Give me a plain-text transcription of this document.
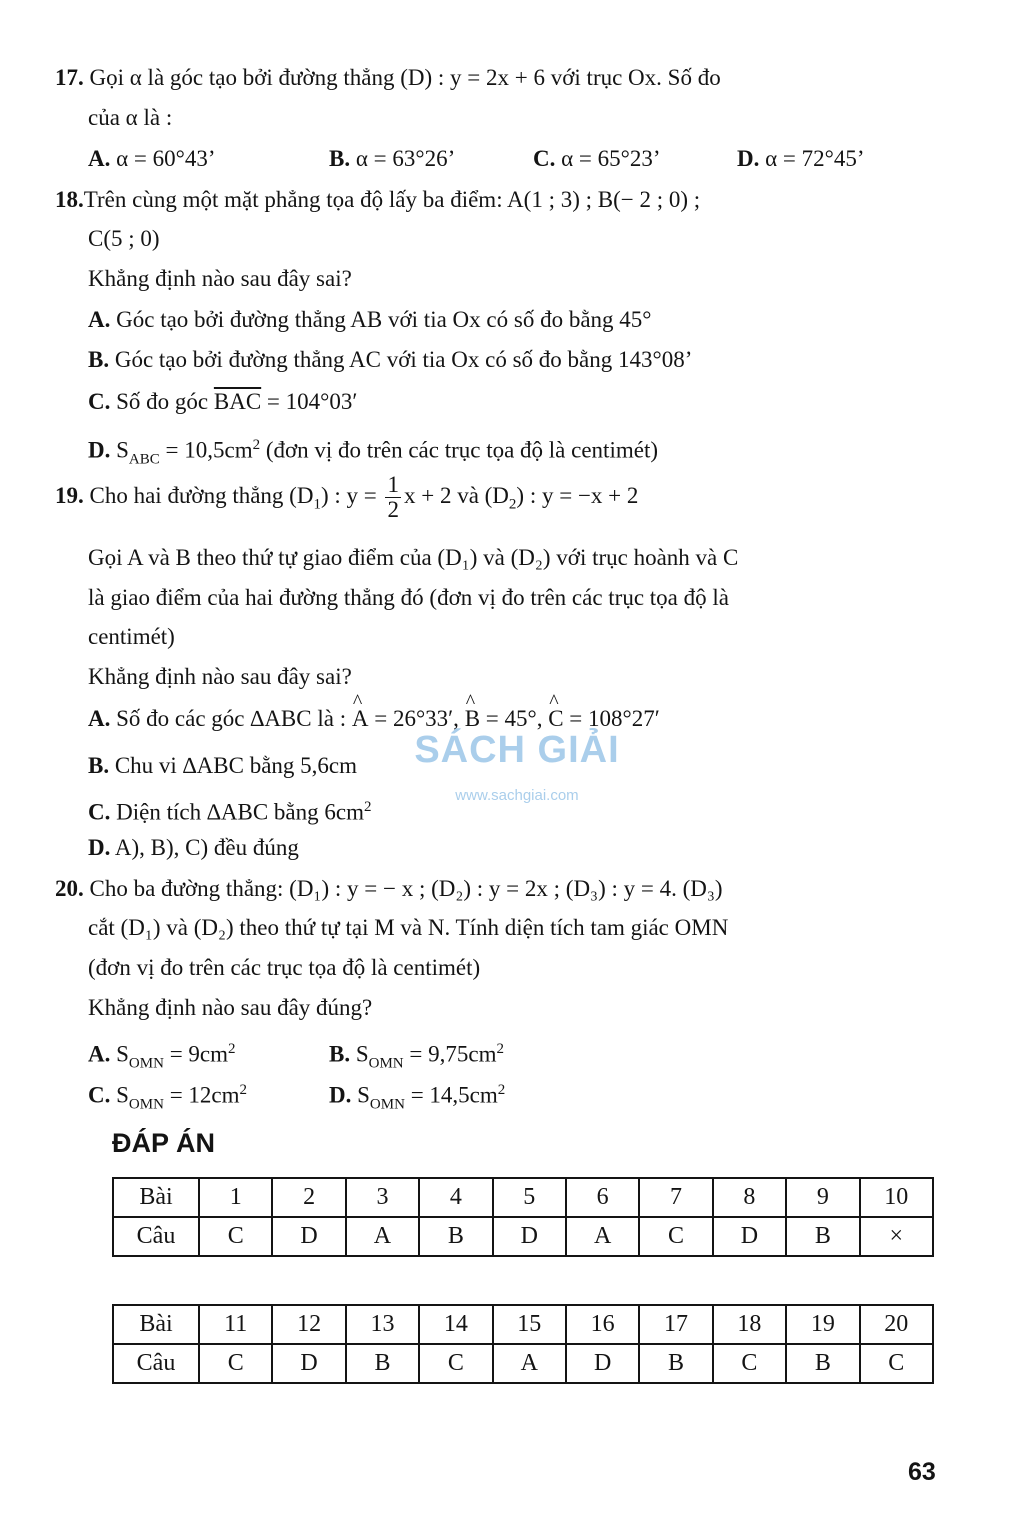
17. Gọi α là góc tạo bởi đường thẳng (D) : y = 2x + 6 với trục Ox. Số đo
của α là :
A. α = 60°43’	B. α = 63°26’	C. α = 65°23’	D. α = 72°45’
18.Trên cùng một mặt phẳng tọa độ lấy ba điểm: A(1 ; 3) ; B(− 2 ; 0) ;
C(5 ; 0)
Khẳng định nào sau đây sai?
A. Góc tạo bởi đường thẳng AB với tia Ox có số đo bằng 45°
B. Góc tạo bởi đường thẳng AC với tia Ox có số đo bằng 143°08’
C. Số đo góc $\overline{BAC} = 104^\circ 03'$
D. $S_{ABC} = 10,5cm^2$ (đơn vị đo trên các trục tọa độ là centimét)
19. Cho hai đường thẳng $(D_1)$ : $y = \frac{1}{2}$ x + 2 và $(D_2)$ : y = −x + 2
Gọi A và B theo thứ tự giao điểm của (D₁) và (D₂) với trục hoành và C
là giao điểm của hai đường thẳng đó (đơn vị đo trên các trục tọa độ là
centimét)
Khẳng định nào sau đây sai?
A. Số đo các góc ∆ABC là : ^ A = 26°33′, ^ B = 45°, ^ C = 108°27′
B. Chu vi ∆ABC bằng 5,6cm
C. Diện tích ∆ABC bằng $6cm^2$
D. A), B), C) đều đúng
20. Cho ba đường thẳng: (D₁) : y = − x ; (D₂) : y = 2x ; (D₃) : y = 4. (D₃)
cắt (D₁) và (D₂) theo thứ tự tại M và N. Tính diện tích tam giác OMN
(đơn vị đo trên các trục tọa độ là centimét)
Khẳng định nào sau đây đúng?
A. $S_{OMN} = 9cm^2$	B. $S_{OMN} = 9,75cm^2$
C. $S_{OMN} = 12cm^2$	D. $S_{OMN} = 14,5cm^2$
SÁCH GIẢI
www.sachgiai.com
ĐÁP ÁN
Bài	1	2	3	4	5	6	7	8	9	10
Câu	C	D	A	B	D	A	C	D	B	×
Bài	11	12	13	14	15	16	17	18	19	20
Câu	C	D	B	C	A	D	B	C	B	C
63
